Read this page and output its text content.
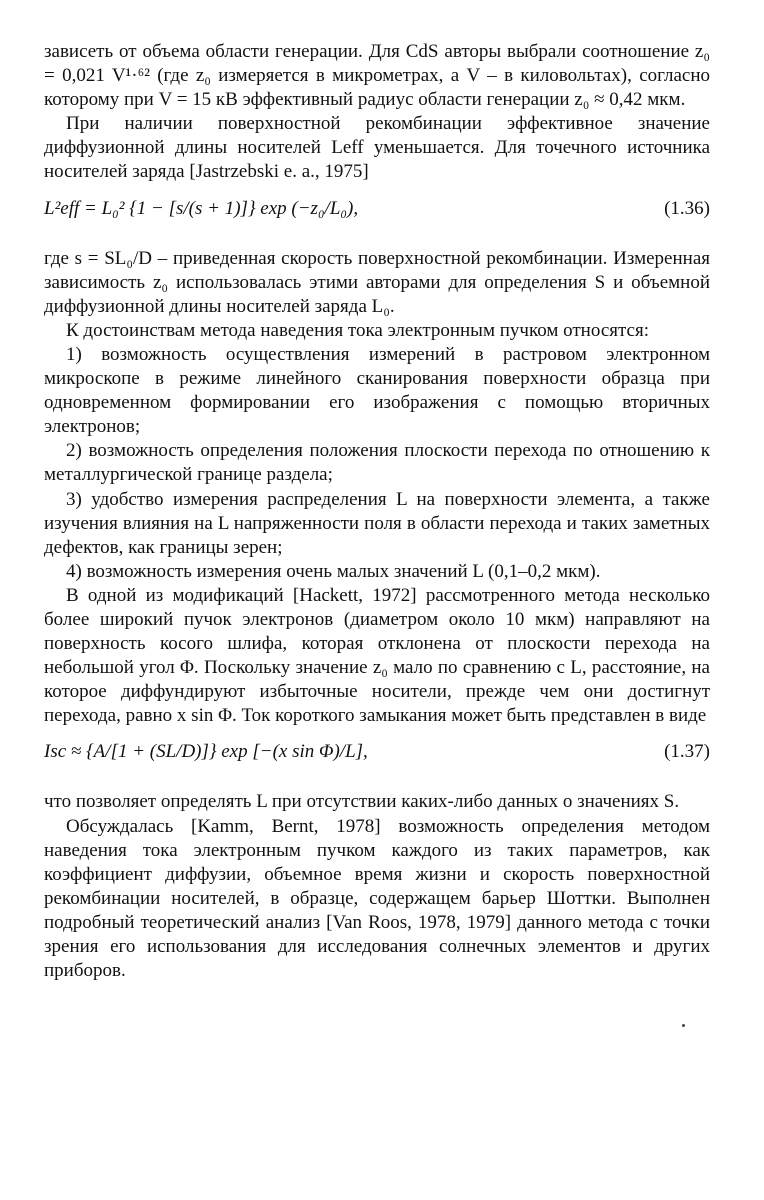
зависеть от объема области генерации. Для CdS авторы выбрали соотношение z₀ = 0,021 V¹·⁶² (где z₀ измеряется в микрометрах, а V – в киловольтах), согласно которому при V = 15 кВ эффективный радиус области генерации z₀ ≈ 0,42 мкм.

При наличии поверхностной рекомбинации эффективное значение диффузионной длины носителей Leff уменьшается. Для точечного источника носителей заряда [Jastrzebski e. a., 1975]

L²eff = L₀² {1 − [s/(s + 1)]} exp (−z₀/L₀),	(1.36)

где s = SL₀/D – приведенная скорость поверхностной рекомбинации. Измеренная зависимость z₀ использовалась этими авторами для определения S и объемной диффузионной длины носителей заряда L₀.

К достоинствам метода наведения тока электронным пучком относятся:

1) возможность осуществления измерений в растровом электронном микроскопе в режиме линейного сканирования поверхности образца при одновременном формировании его изображения с помощью вторичных электронов;

2) возможность определения положения плоскости перехода по отношению к металлургической границе раздела;

3) удобство измерения распределения L на поверхности элемента, а также изучения влияния на L напряженности поля в области перехода и таких заметных дефектов, как границы зерен;

4) возможность измерения очень малых значений L (0,1–0,2 мкм).

В одной из модификаций [Hackett, 1972] рассмотренного метода несколько более широкий пучок электронов (диаметром около 10 мкм) направляют на поверхность косого шлифа, которая отклонена от плоскости перехода на небольшой угол Φ. Поскольку значение z₀ мало по сравнению с L, расстояние, на которое диффундируют избыточные носители, прежде чем они достигнут перехода, равно x sin Φ. Ток короткого замыкания может быть представлен в виде

Isc ≈ {A/[1 + (SL/D)]} exp [−(x sin Φ)/L],	(1.37)

что позволяет определять L при отсутствии каких-либо данных о значениях S.

Обсуждалась [Kamm, Bernt, 1978] возможность определения методом наведения тока электронным пучком каждого из таких параметров, как коэффициент диффузии, объемное время жизни и скорость поверхностной рекомбинации носителей, в образце, содержащем барьер Шоттки. Выполнен подробный теоретический анализ [Van Roos, 1978, 1979] данного метода с точки зрения его использования для исследования солнечных элементов и других приборов.
